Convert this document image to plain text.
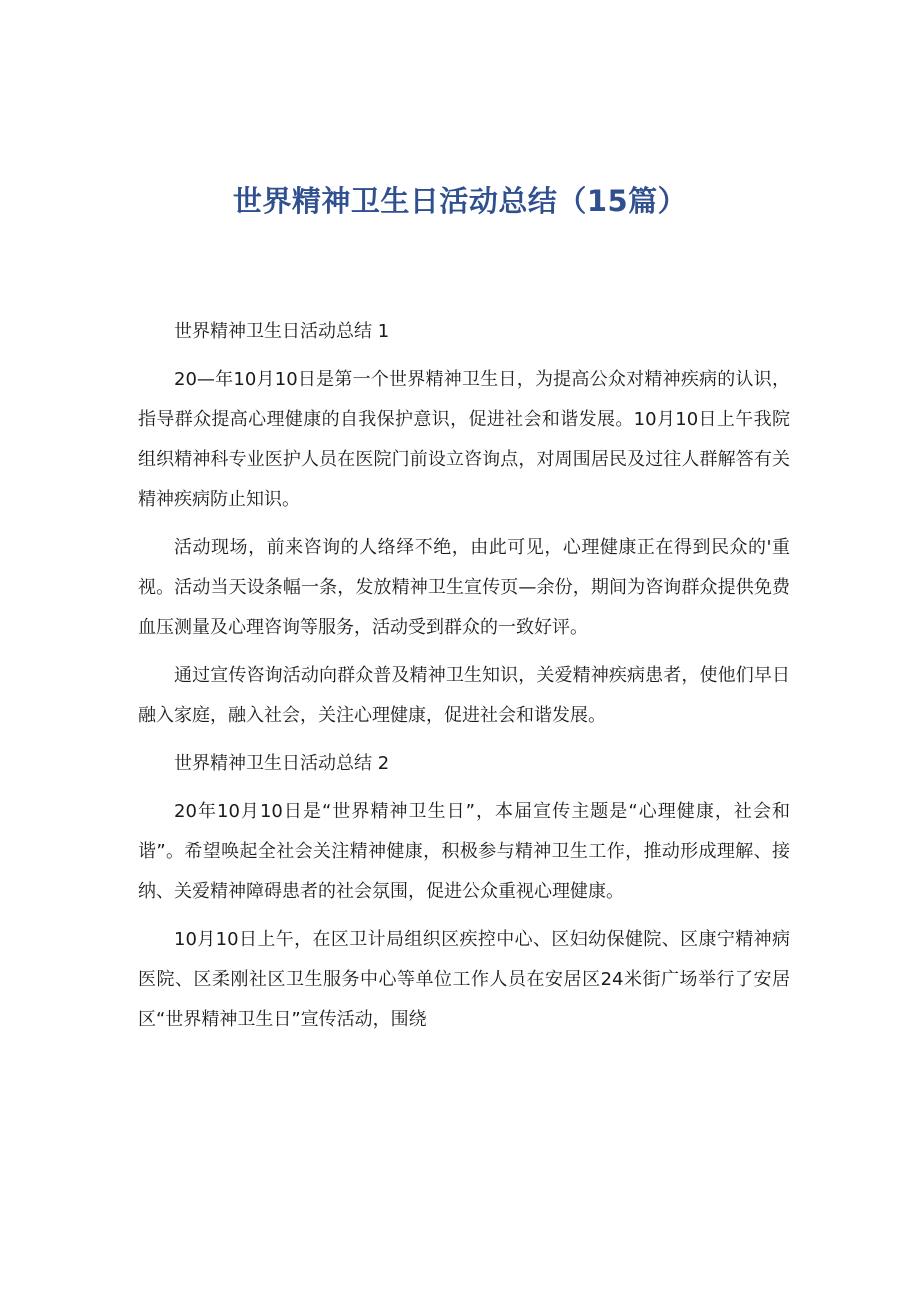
世界精神卫生日活动总结（15篇）

世界精神卫生日活动总结 1

20—年10月10日是第一个世界精神卫生日，为提高公众对精神疾病的认识，指导群众提高心理健康的自我保护意识，促进社会和谐发展。10月10日上午我院组织精神科专业医护人员在医院门前设立咨询点，对周围居民及过往人群解答有关精神疾病防止知识。

活动现场，前来咨询的人络绎不绝，由此可见，心理健康正在得到民众的'重视。活动当天设条幅一条，发放精神卫生宣传页—余份，期间为咨询群众提供免费血压测量及心理咨询等服务，活动受到群众的一致好评。

通过宣传咨询活动向群众普及精神卫生知识，关爱精神疾病患者，使他们早日融入家庭，融入社会，关注心理健康，促进社会和谐发展。

世界精神卫生日活动总结 2

20年10月10日是“世界精神卫生日”，本届宣传主题是“心理健康，社会和谐”。希望唤起全社会关注精神健康，积极参与精神卫生工作，推动形成理解、接纳、关爱精神障碍患者的社会氛围，促进公众重视心理健康。

10月10日上午，在区卫计局组织区疾控中心、区妇幼保健院、区康宁精神病医院、区柔刚社区卫生服务中心等单位工作人员在安居区24米街广场举行了安居区“世界精神卫生日”宣传活动，围绕
